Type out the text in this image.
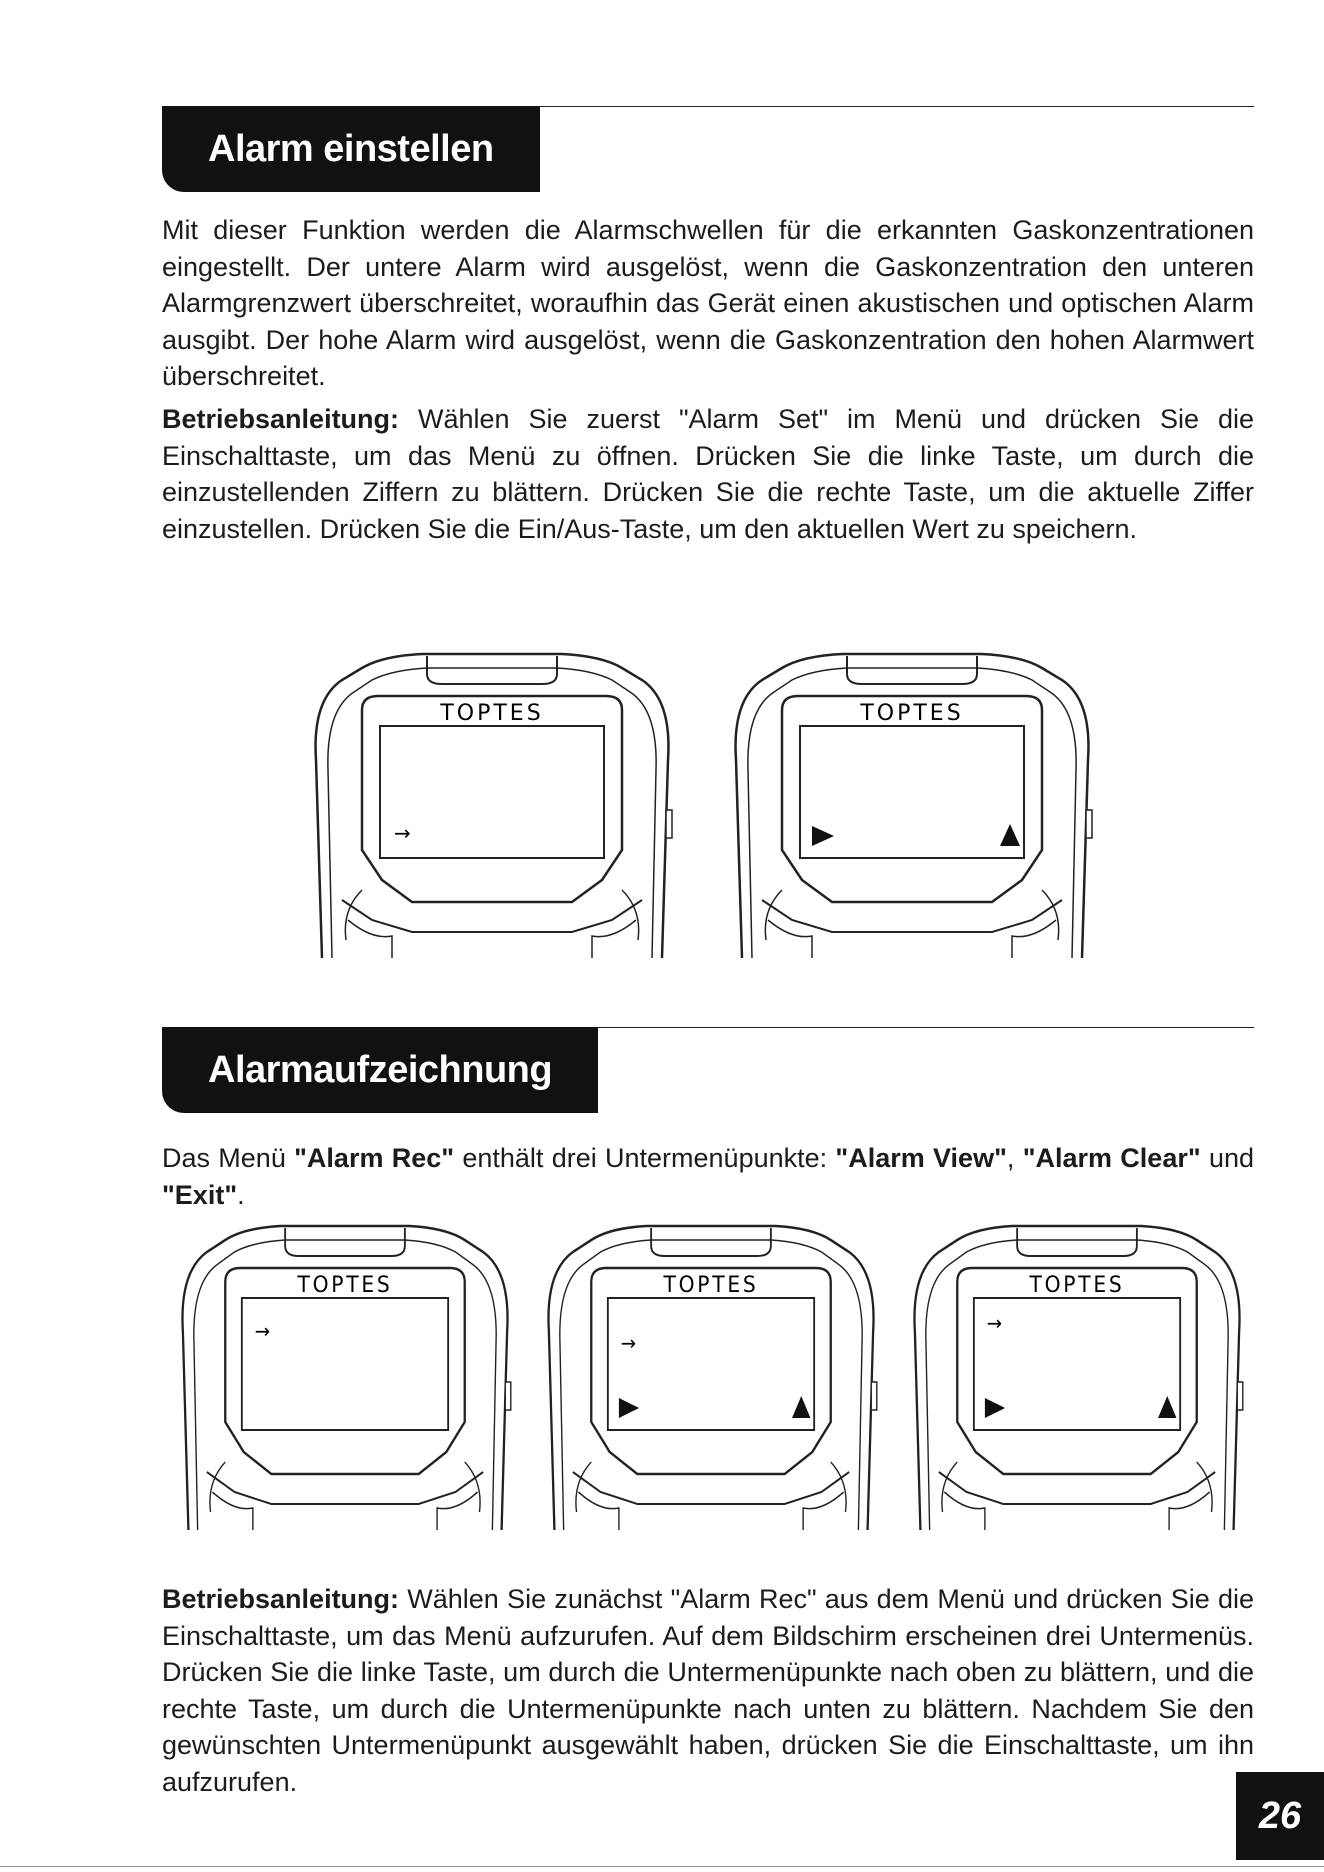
Alarm einstellen

Mit dieser Funktion werden die Alarmschwellen für die erkannten Gaskonzentrationen eingestellt. Der untere Alarm wird ausgelöst, wenn die Gaskonzentration den unteren Alarmgrenzwert überschreitet, woraufhin das Gerät einen akustischen und optischen Alarm ausgibt. Der hohe Alarm wird ausgelöst, wenn die Gaskonzentration den hohen Alarmwert überschreitet.

Betriebsanleitung: Wählen Sie zuerst "Alarm Set" im Menü und drücken Sie die Einschalttaste, um das Menü zu öffnen. Drücken Sie die linke Taste, um durch die einzustellenden Ziffern zu blättern. Drücken Sie die rechte Taste, um die aktuelle Ziffer einzustellen. Drücken Sie die Ein/Aus-Taste, um den aktuellen Wert zu speichern.

TOPTES
→
TOPTES
Alarmaufzeichnung

Das Menü "Alarm Rec" enthält drei Untermenüpunkte: "Alarm View", "Alarm Clear" und "Exit".

TOPTES
→
TOPTES
→
TOPTES
→

Betriebsanleitung: Wählen Sie zunächst "Alarm Rec" aus dem Menü und drücken Sie die Einschalttaste, um das Menü aufzurufen. Auf dem Bildschirm erscheinen drei Untermenüs. Drücken Sie die linke Taste, um durch die Untermenüpunkte nach oben zu blättern, und die rechte Taste, um durch die Untermenüpunkte nach unten zu blättern. Nachdem Sie den gewünschten Untermenüpunkt ausgewählt haben, drücken Sie die Einschalttaste, um ihn aufzurufen.

26
